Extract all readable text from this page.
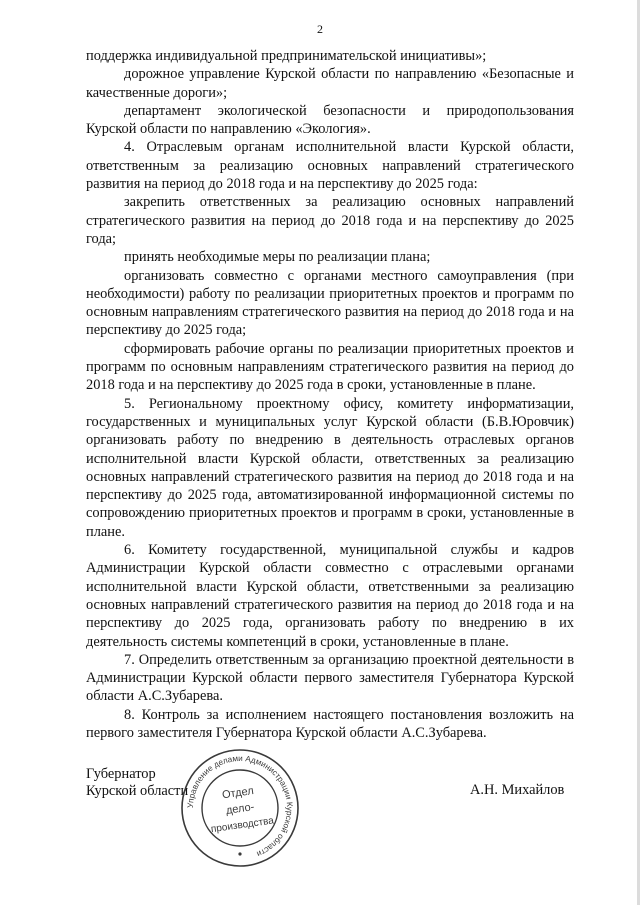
2

поддержка индивидуальной предпринимательской инициативы»;

дорожное управление Курской области по направлению «Безопасные и качественные дороги»;

департамент экологической безопасности и природопользования Курской области по направлению «Экология».

4. Отраслевым органам исполнительной власти Курской области, ответственным за реализацию основных направлений стратегического развития на период до 2018 года и на перспективу до 2025 года:

закрепить ответственных за реализацию основных направлений стратегического развития на период до 2018 года и на перспективу до 2025 года;

принять необходимые меры по реализации плана;

организовать совместно с органами местного самоуправления (при необходимости) работу по реализации приоритетных проектов и программ по основным направлениям стратегического развития на период до 2018 года и на перспективу до 2025 года;

сформировать рабочие органы по реализации приоритетных проектов и программ по основным направлениям стратегического развития на период до 2018 года и на перспективу до 2025 года в сроки, установленные в плане.

5. Региональному проектному офису, комитету информатизации, государственных и муниципальных услуг Курской области (Б.В.Юровчик) организовать работу по внедрению в деятельность отраслевых органов исполнительной власти Курской области, ответственных за реализацию основных направлений стратегического развития на период до 2018 года и на перспективу до 2025 года, автоматизированной информационной системы по сопровождению приоритетных проектов и программ в сроки, установленные в плане.

6. Комитету государственной, муниципальной службы и кадров Администрации Курской области совместно с отраслевыми органами исполнительной власти Курской области, ответственными за реализацию основных направлений стратегического развития на период до 2018 года и на перспективу до 2025 года, организовать работу по внедрению в их деятельность системы компетенций в сроки, установленные в плане.

7. Определить ответственным за организацию проектной деятельности в Администрации Курской области первого заместителя Губернатора Курской области А.С.Зубарева.

8. Контроль за исполнением настоящего постановления возложить на первого заместителя Губернатора Курской области А.С.Зубарева.

Губернатор
Курской области	А.Н. Михайлов
Управление делами Администрации Курской области
Отдел
дело-
производства
